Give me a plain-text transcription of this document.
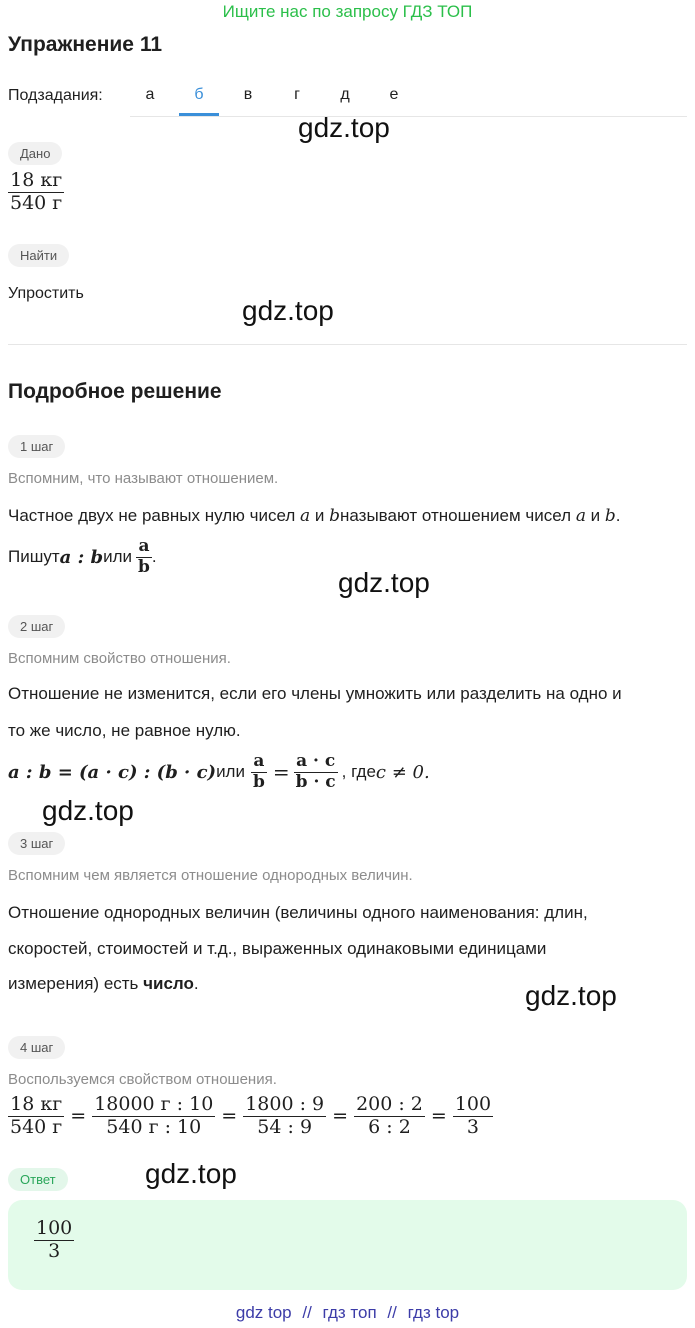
Ищите нас по запросу ГДЗ ТОП
Упражнение 11
Подзадания:	а	б	в	г	д	е
gdz.top
Дано
$\frac{18 кг}{540 г}$
Найти
Упростить
gdz.top
Подробное решение
1 шаг
Вспомним, что называют отношением.
Частное двух не равных нулю чисел a и bназывают отношением чисел a и b.
Пишут a : b или $\frac{a}{b}$ .
gdz.top
2 шаг
Вспомним свойство отношения.
Отношение не изменится, если его члены умножить или разделить на одно и
то же число, не равное нулю.
a : b = (a · c) : (b · c) или $\frac{a}{b} = \frac{a \cdot c}{b \cdot c}$ , где c ≠ 0.
gdz.top
3 шаг
Вспомним чем является отношение однородных величин.
Отношение однородных величин (величины одного наименования: длин,
скоростей, стоимостей и т.д., выраженных одинаковыми единицами
измерения) есть число.	gdz.top
4 шаг
Воспользуемся свойством отношения.
$\frac{18 кг}{540 г} = \frac{18000 г : 10}{540 г : 10} = \frac{1800 : 9}{54 : 9} = \frac{200 : 2}{6 : 2} = \frac{100}{3}$
Ответ	gdz.top
$\frac{100}{3}$
gdz top // гдз топ // гдз top
